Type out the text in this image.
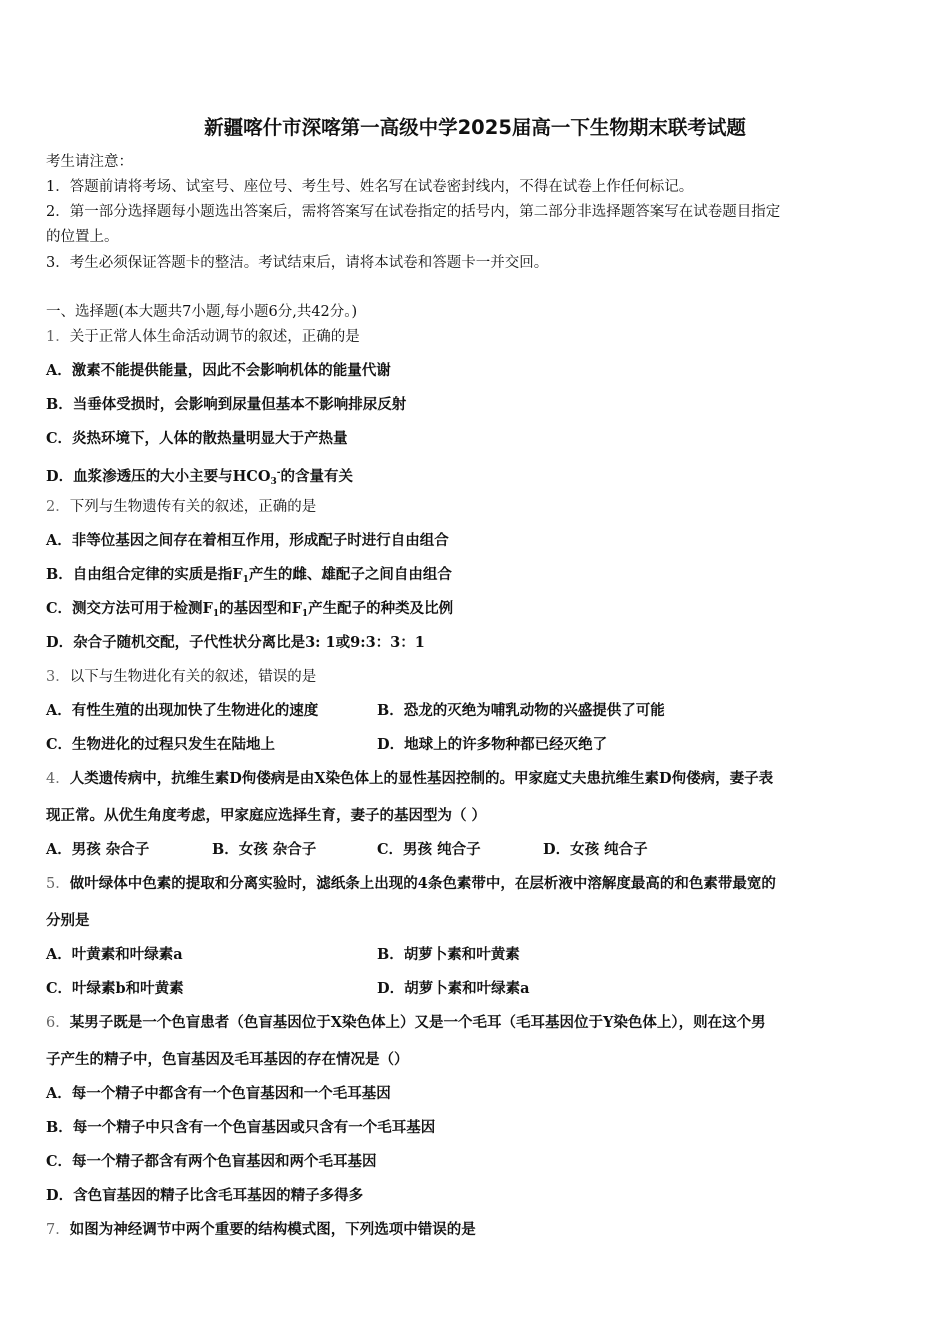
新疆喀什市深喀第一高级中学2025届高一下生物期末联考试题
考生请注意：
1．答题前请将考场、试室号、座位号、考生号、姓名写在试卷密封线内，不得在试卷上作任何标记。
2．第一部分选择题每小题选出答案后，需将答案写在试卷指定的括号内，第二部分非选择题答案写在试卷题目指定
的位置上。
3．考生必须保证答题卡的整洁。考试结束后，请将本试卷和答题卡一并交回。
一、选择题(本大题共7小题,每小题6分,共42分。)
1．关于正常人体生命活动调节的叙述，正确的是
A．激素不能提供能量，因此不会影响机体的能量代谢
B．当垂体受损时，会影响到尿量但基本不影响排尿反射
C．炎热环境下，人体的散热量明显大于产热量
D．血浆渗透压的大小主要与$HCO_3^-$的含量有关
2．下列与生物遗传有关的叙述，正确的是
A．非等位基因之间存在着相互作用，形成配子时进行自由组合
B．自由组合定律的实质是指$F_1$产生的雌、雄配子之间自由组合
C．测交方法可用于检测$F_1$的基因型和$F_1$产生配子的种类及比例
D．杂合子随机交配，子代性状分离比是3: 1或9:3：3：1
3．以下与生物进化有关的叙述，错误的是
A．有性生殖的出现加快了生物进化的速度	B．恐龙的灭绝为哺乳动物的兴盛提供了可能
C．生物进化的过程只发生在陆地上	D．地球上的许多物种都已经灭绝了
4．人类遗传病中，抗维生素D佝偻病是由X染色体上的显性基因控制的。甲家庭丈夫患抗维生素D佝偻病，妻子表
现正常。从优生角度考虑，甲家庭应选择生育，妻子的基因型为（ ）
A．男孩 杂合子	B．女孩 杂合子	C．男孩 纯合子	D．女孩 纯合子
5．做叶绿体中色素的提取和分离实验时，滤纸条上出现的4条色素带中，在层析液中溶解度最高的和色素带最宽的
分别是
A．叶黄素和叶绿素a	B．胡萝卜素和叶黄素
C．叶绿素b和叶黄素	D．胡萝卜素和叶绿素a
6．某男子既是一个色盲患者（色盲基因位于X染色体上）又是一个毛耳（毛耳基因位于Y染色体上），则在这个男
子产生的精子中，色盲基因及毛耳基因的存在情况是（）
A．每一个精子中都含有一个色盲基因和一个毛耳基因
B．每一个精子中只含有一个色盲基因或只含有一个毛耳基因
C．每一个精子都含有两个色盲基因和两个毛耳基因
D．含色盲基因的精子比含毛耳基因的精子多得多
7．如图为神经调节中两个重要的结构模式图，下列选项中错误的是
